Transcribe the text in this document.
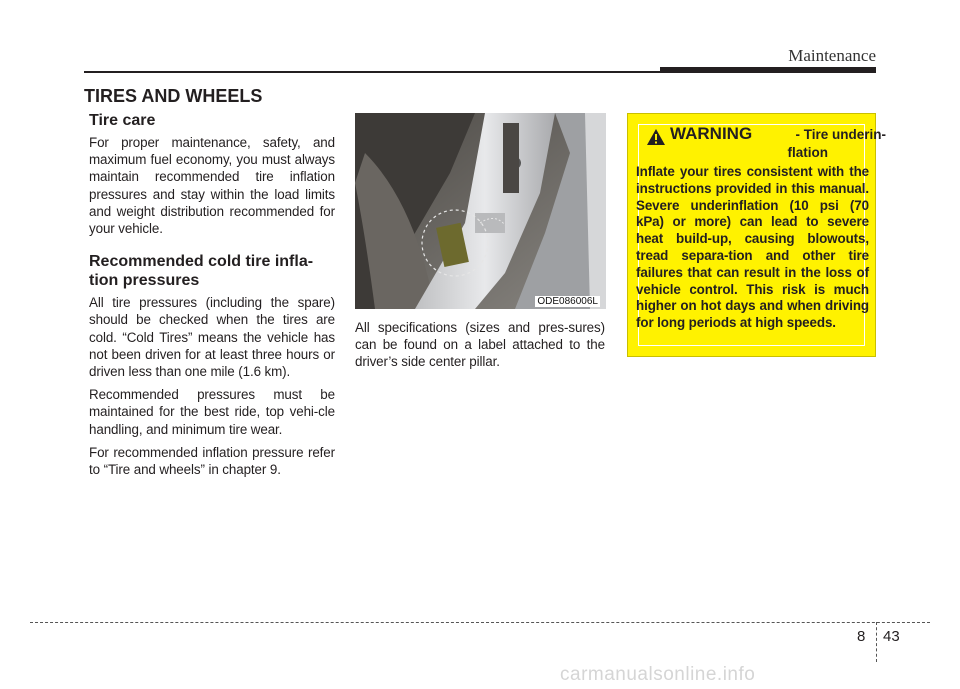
Maintenance
TIRES AND WHEELS
Tire care

For proper maintenance, safety, and maximum fuel economy, you must always maintain recommended tire inflation pressures and stay within the load limits and weight distribution recommended for your vehicle.

Recommended cold tire infla-
tion pressures

All tire pressures (including the spare) should be checked when the tires are cold. “Cold Tires” means the vehicle has not been driven for at least three hours or driven less than one mile (1.6 km).

Recommended pressures must be maintained for the best ride, top vehi-cle handling, and minimum tire wear.

For recommended inflation pressure refer to “Tire and wheels” in chapter 9.

ODE086006L

All specifications (sizes and pres-sures) can be found on a label attached to the driver’s side center pillar.

WARNING	- Tire underin-
flation
Inflate your tires consistent with the instructions provided in this manual. Severe underinflation (10 psi (70 kPa) or more) can lead to severe heat build-up, causing blowouts, tread separa-tion and other tire failures that can result in the loss of vehicle control. This risk is much higher on hot days and when driving for long periods at high speeds.
8 43
carmanualsonline.info
